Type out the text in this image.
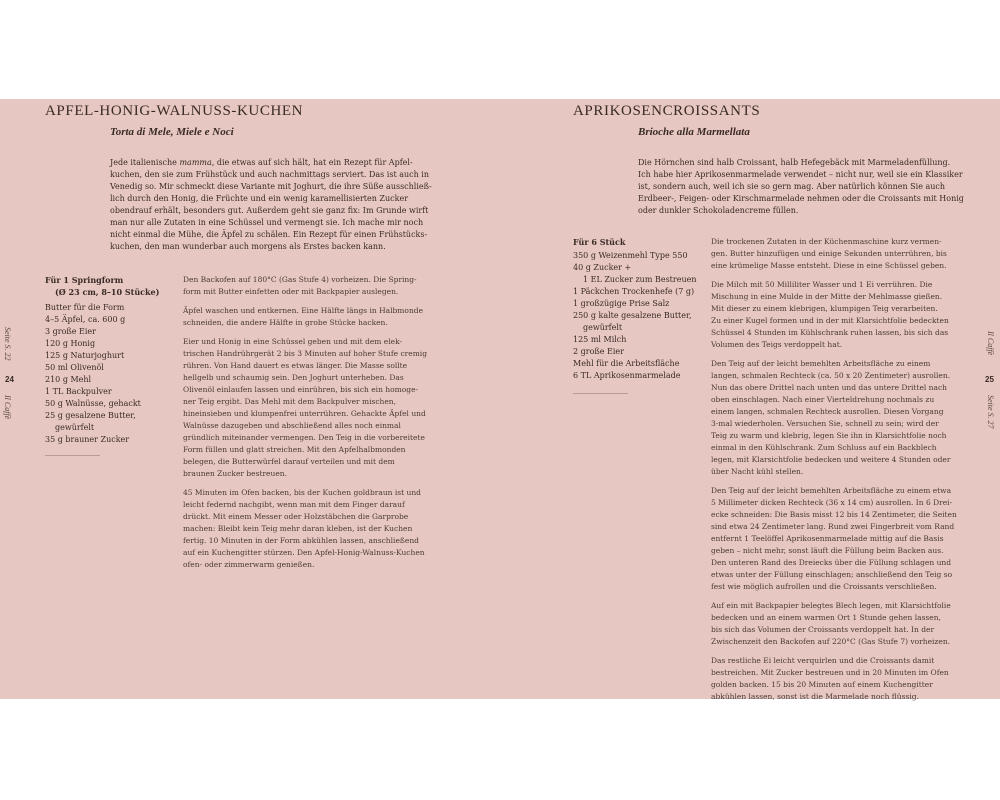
APFEL-HONIG-WALNUSS-KUCHEN
Torta di Mele, Miele e Noci

Jede italienische mamma, die etwas auf sich hält, hat ein Rezept für Apfel-

kuchen, den sie zum Frühstück und auch nachmittags serviert. Das ist auch in

Venedig so. Mir schmeckt diese Variante mit Joghurt, die ihre Süße ausschließ-

lich durch den Honig, die Früchte und ein wenig karamellisierten Zucker

obendrauf erhält, besonders gut. Außerdem geht sie ganz fix: Im Grunde wirft

man nur alle Zutaten in eine Schüssel und vermengt sie. Ich mache mir noch

nicht einmal die Mühe, die Äpfel zu schälen. Ein Rezept für einen Frühstücks-

kuchen, den man wunderbar auch morgens als Erstes backen kann.

Für 1 Springform

(Ø 23 cm, 8–10 Stücke)

Butter für die Form

4–5 Äpfel, ca. 600 g

3 große Eier

120 g Honig

125 g Naturjoghurt

50 ml Olivenöl

210 g Mehl

1 TL Backpulver

50 g Walnüsse, gehackt

25 g gesalzene Butter,

gewürfelt

35 g brauner Zucker

Den Backofen auf 180°C (Gas Stufe 4) vorheizen. Die Spring-

form mit Butter einfetten oder mit Backpapier auslegen.

Äpfel waschen und entkernen. Eine Hälfte längs in Halbmonde

schneiden, die andere Hälfte in grobe Stücke hacken.

Eier und Honig in eine Schüssel geben und mit dem elek-

trischen Handrührgerät 2 bis 3 Minuten auf hoher Stufe cremig

rühren. Von Hand dauert es etwas länger. Die Masse sollte

hellgelb und schaumig sein. Den Joghurt unterheben. Das

Olivenöl einlaufen lassen und einrühren, bis sich ein homoge-

ner Teig ergibt. Das Mehl mit dem Backpulver mischen,

hineinsieben und klumpenfrei unterrühren. Gehackte Äpfel und

Walnüsse dazugeben und abschließend alles noch einmal

gründlich miteinander vermengen. Den Teig in die vorbereitete

Form füllen und glatt streichen. Mit den Apfelhalbmonden

belegen, die Butterwürfel darauf verteilen und mit dem

braunen Zucker bestreuen.

45 Minuten im Ofen backen, bis der Kuchen goldbraun ist und

leicht federnd nachgibt, wenn man mit dem Finger darauf

drückt. Mit einem Messer oder Holzstäbchen die Garprobe

machen: Bleibt kein Teig mehr daran kleben, ist der Kuchen

fertig. 10 Minuten in der Form abkühlen lassen, anschließend

auf ein Kuchengitter stürzen. Den Apfel-Honig-Walnuss-Kuchen

ofen- oder zimmerwarm genießen.

Seite S. 22
24
Il Caffè
APRIKOSENCROISSANTS
Brioche alla Marmellata

Die Hörnchen sind halb Croissant, halb Hefegebäck mit Marmeladenfüllung.

Ich habe hier Aprikosenmarmelade verwendet – nicht nur, weil sie ein Klassiker

ist, sondern auch, weil ich sie so gern mag. Aber natürlich können Sie auch

Erdbeer-, Feigen- oder Kirschmarmelade nehmen oder die Croissants mit Honig

oder dunkler Schokoladencreme füllen.

Für 6 Stück

350 g Weizenmehl Type 550

40 g Zucker +

1 EL Zucker zum Bestreuen

1 Päckchen Trockenhefe (7 g)

1 großzügige Prise Salz

250 g kalte gesalzene Butter,

gewürfelt

125 ml Milch

2 große Eier

Mehl für die Arbeitsfläche

6 TL Aprikosenmarmelade

Die trockenen Zutaten in der Küchenmaschine kurz vermen-

gen. Butter hinzufügen und einige Sekunden unterrühren, bis

eine krümelige Masse entsteht. Diese in eine Schüssel geben.

Die Milch mit 50 Milliliter Wasser und 1 Ei verrühren. Die

Mischung in eine Mulde in der Mitte der Mehlmasse gießen.

Mit dieser zu einem klebrigen, klumpigen Teig verarbeiten.

Zu einer Kugel formen und in der mit Klarsichtfolie bedeckten

Schüssel 4 Stunden im Kühlschrank ruhen lassen, bis sich das

Volumen des Teigs verdoppelt hat.

Den Teig auf der leicht bemehlten Arbeitsfläche zu einem

langen, schmalen Rechteck (ca. 50 x 20 Zentimeter) ausrollen.

Nun das obere Drittel nach unten und das untere Drittel nach

oben einschlagen. Nach einer Vierteldrehung nochmals zu

einem langen, schmalen Rechteck ausrollen. Diesen Vorgang

3-mal wiederholen. Versuchen Sie, schnell zu sein; wird der

Teig zu warm und klebrig, legen Sie ihn in Klarsichtfolie noch

einmal in den Kühlschrank. Zum Schluss auf ein Backblech

legen, mit Klarsichtfolie bedecken und weitere 4 Stunden oder

über Nacht kühl stellen.

Den Teig auf der leicht bemehlten Arbeitsfläche zu einem etwa

5 Millimeter dicken Rechteck (36 x 14 cm) ausrollen. In 6 Drei-

ecke schneiden: Die Basis misst 12 bis 14 Zentimeter, die Seiten

sind etwa 24 Zentimeter lang. Rund zwei Fingerbreit vom Rand

entfernt 1 Teelöffel Aprikosenmarmelade mittig auf die Basis

geben – nicht mehr, sonst läuft die Füllung beim Backen aus.

Den unteren Rand des Dreiecks über die Füllung schlagen und

etwas unter der Füllung einschlagen; anschließend den Teig so

fest wie möglich aufrollen und die Croissants verschließen.

Auf ein mit Backpapier belegtes Blech legen, mit Klarsichtfolie

bedecken und an einem warmen Ort 1 Stunde gehen lassen,

bis sich das Volumen der Croissants verdoppelt hat. In der

Zwischenzeit den Backofen auf 220°C (Gas Stufe 7) vorheizen.

Das restliche Ei leicht verquirlen und die Croissants damit

bestreichen. Mit Zucker bestreuen und in 20 Minuten im Ofen

golden backen. 15 bis 20 Minuten auf einem Kuchengitter

abkühlen lassen, sonst ist die Marmelade noch flüssig.

Il Caffè
25
Seite S. 27
